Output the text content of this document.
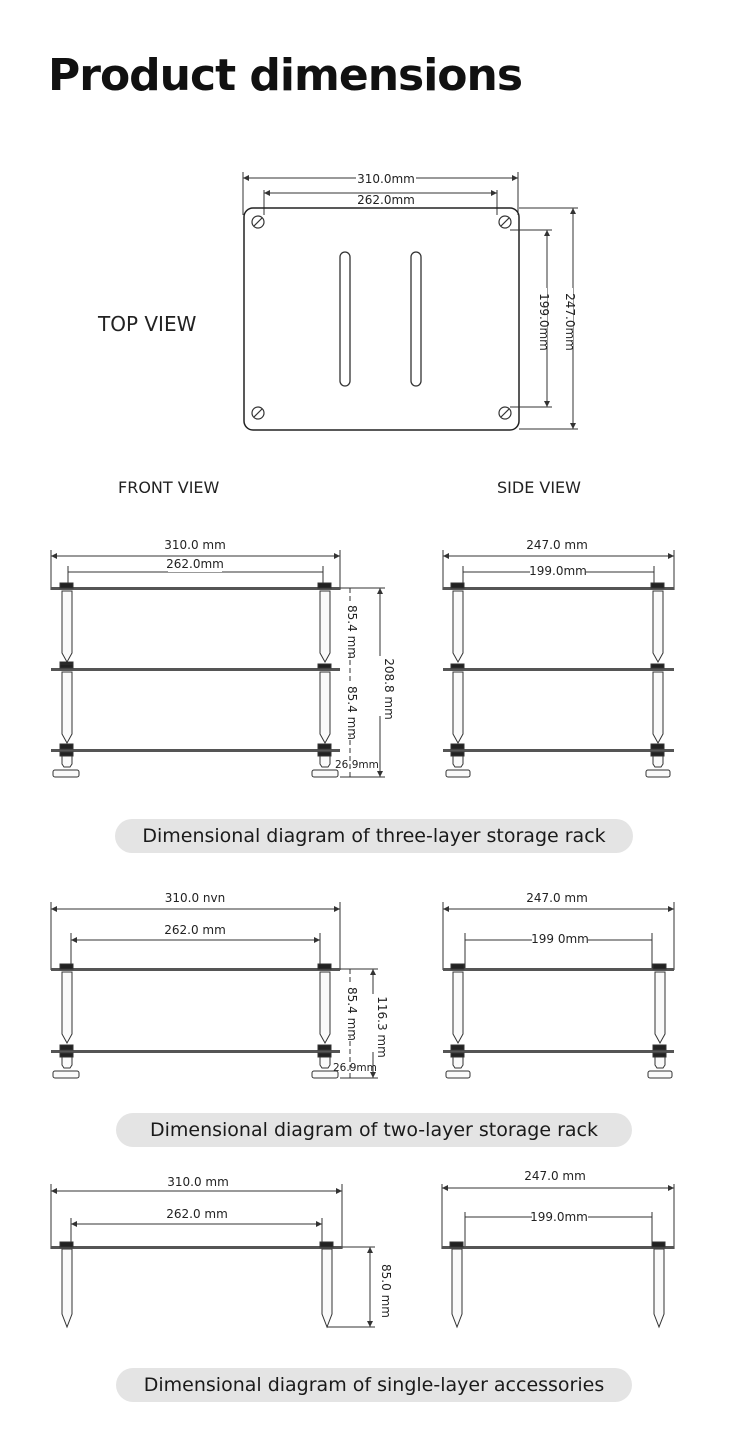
Product dimensions
TOP VIEW
310.0mm
262.0mm
199.0mm 247.0mm
FRONT VIEW	SIDE VIEW
310.0 mm
262.0mm
85.4 mm
85.4 mm 208.8 mm
26.9mm
247.0 mm
199.0mm
Dimensional diagram of three-layer storage rack
310.0 nvn
262.0 mm
85.4 mm 116.3 mm
26.9mm
247.0 mm
199 0mm
Dimensional diagram of two-layer storage rack
310.0 mm
262.0 mm
85.0 mm
247.0 mm
199.0mm
Dimensional diagram of single-layer accessories
